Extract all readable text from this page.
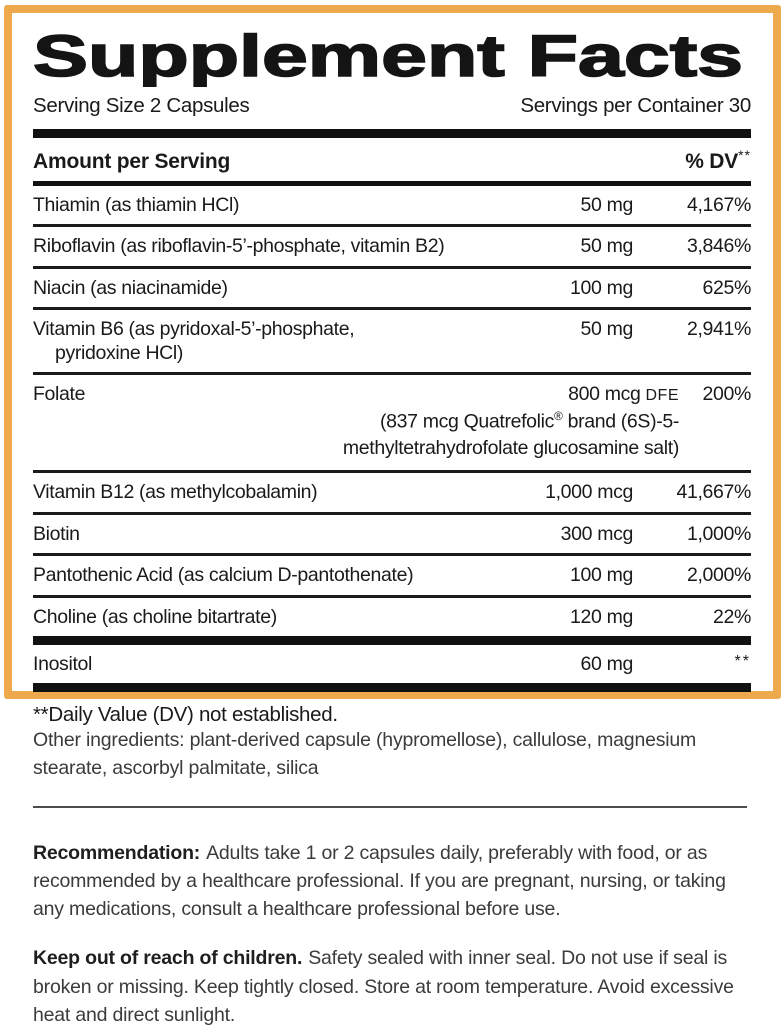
Supplement Facts
Serving Size 2 Capsules	Servings per Container 30
Amount per Serving	% DV**
Thiamin (as thiamin HCl)	50 mg	4,167%
Riboflavin (as riboflavin-5’-phosphate, vitamin B2)	50 mg	3,846%
Niacin (as niacinamide)	100 mg	625%
Vitamin B6 (as pyridoxal-5’-phosphate,
pyridoxine HCl)
50 mg	2,941%
Folate	800 mcg DFE	200%
(837 mcg Quatrefolic® brand (6S)-5-
methyltetrahydrofolate glucosamine salt)
Vitamin B12 (as methylcobalamin)	1,000 mcg	41,667%
Biotin	300 mcg	1,000%
Pantothenic Acid (as calcium D-pantothenate)	100 mg	2,000%
Choline (as choline bitartrate)	120 mg	22%
Inositol	60 mg	**
**Daily Value (DV) not established.

Other ingredients: plant-derived capsule (hypromellose), callulose, magnesium stearate, ascorbyl palmitate, silica

Recommendation: Adults take 1 or 2 capsules daily, preferably with food, or as recommended by a healthcare professional. If you are pregnant, nursing, or taking any medications, consult a healthcare professional before use.

Keep out of reach of children. Safety sealed with inner seal. Do not use if seal is broken or missing. Keep tightly closed. Store at room temperature. Avoid excessive heat and direct sunlight.
